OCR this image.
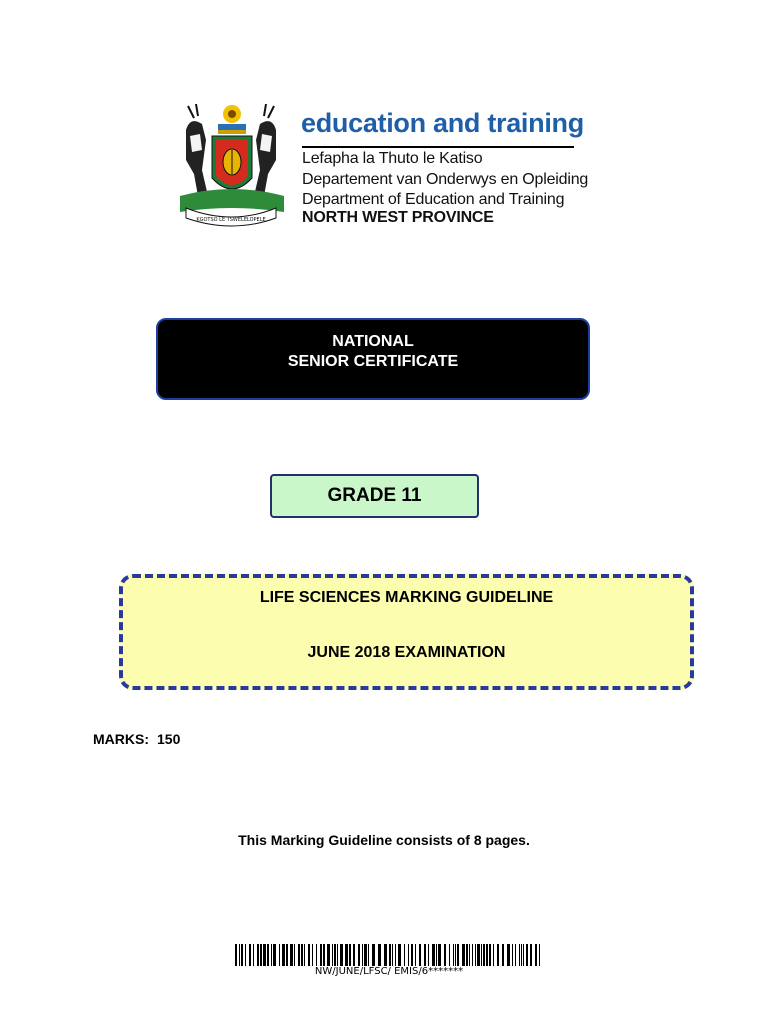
KGOTSO LE TSWELELOPELE
education and training
Lefapha la Thuto le Katiso
Departement van Onderwys en Opleiding
Department of Education and Training
NORTH WEST PROVINCE
NATIONAL
SENIOR CERTIFICATE
GRADE 11
LIFE SCIENCES MARKING GUIDELINE
JUNE 2018 EXAMINATION
MARKS: 150
This Marking Guideline consists of 8 pages.
NW/JUNE/LFSC/ EMIS/6*******
